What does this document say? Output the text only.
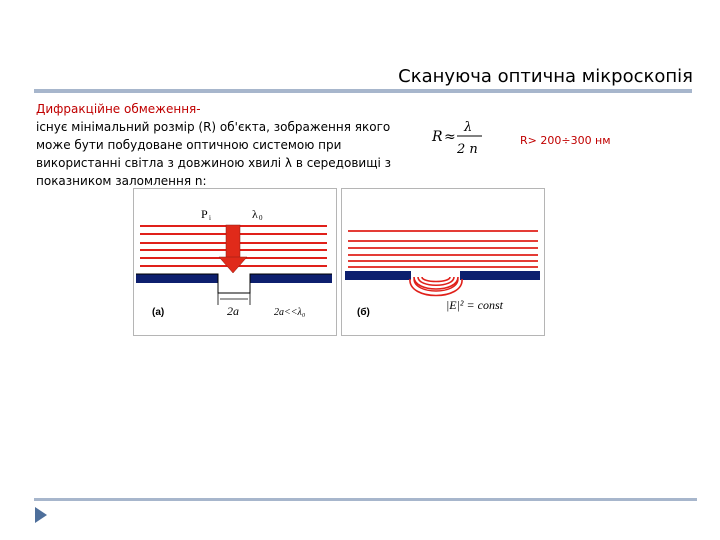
Скануюча оптична мікроскопія
Дифракційне обмеження-
існує мінімальний розмір (R) об'єкта, зображення якого
може бути побудоване оптичною системою при
використанні світла з довжиною хвилі λ в середовищі з
показником заломлення n:
R ≈
λ
2 n
R> 200÷300 нм
P i	λ 0
2a
(a)	2a<<λ₀	(б)
|E|² = const
